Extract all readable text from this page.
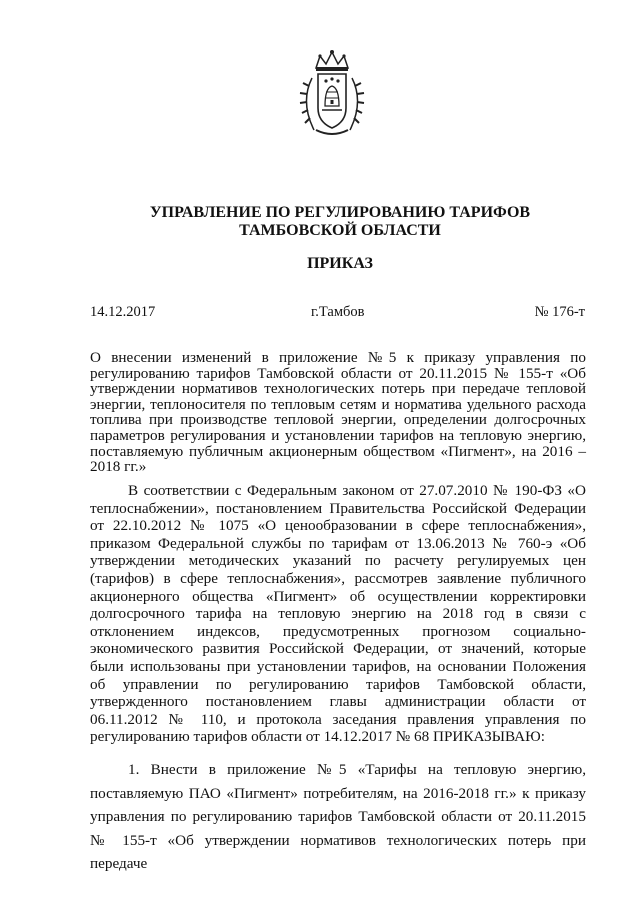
УПРАВЛЕНИЕ ПО РЕГУЛИРОВАНИЮ ТАРИФОВ
ТАМБОВСКОЙ ОБЛАСТИ
ПРИКАЗ
14.12.2017	г.Тамбов	№ 176-т
О внесении изменений в приложение №5 к приказу управления по регулированию тарифов Тамбовской области от 20.11.2015 № 155-т «Об утверждении нормативов технологических потерь при передаче тепловой энергии, теплоносителя по тепловым сетям и норматива удельного расхода топлива при производстве тепловой энергии, определении долгосрочных параметров регулирования и установлении тарифов на тепловую энергию, поставляемую публичным акционерным обществом «Пигмент», на 2016 – 2018 гг.»
В соответствии с Федеральным законом от 27.07.2010 № 190-ФЗ «О теплоснабжении», постановлением Правительства Российской Федерации от 22.10.2012 № 1075 «О ценообразовании в сфере теплоснабжения», приказом Федеральной службы по тарифам от 13.06.2013 № 760-э «Об утверждении методических указаний по расчету регулируемых цен (тарифов) в сфере теплоснабжения», рассмотрев заявление публичного акционерного общества «Пигмент» об осуществлении корректировки долгосрочного тарифа на тепловую энергию на 2018 год в связи с отклонением индексов, предусмотренных прогнозом социально-экономического развития Российской Федерации, от значений, которые были использованы при установлении тарифов, на основании Положения об управлении по регулированию тарифов Тамбовской области, утвержденного постановлением главы администрации области от 06.11.2012 № 110, и протокола заседания правления управления по регулированию тарифов области от 14.12.2017 № 68 ПРИКАЗЫВАЮ:
1. Внести в приложение №5 «Тарифы на тепловую энергию, поставляемую ПАО «Пигмент» потребителям, на 2016-2018 гг.» к приказу управления по регулированию тарифов Тамбовской области от 20.11.2015 № 155-т «Об утверждении нормативов технологических потерь при передаче
